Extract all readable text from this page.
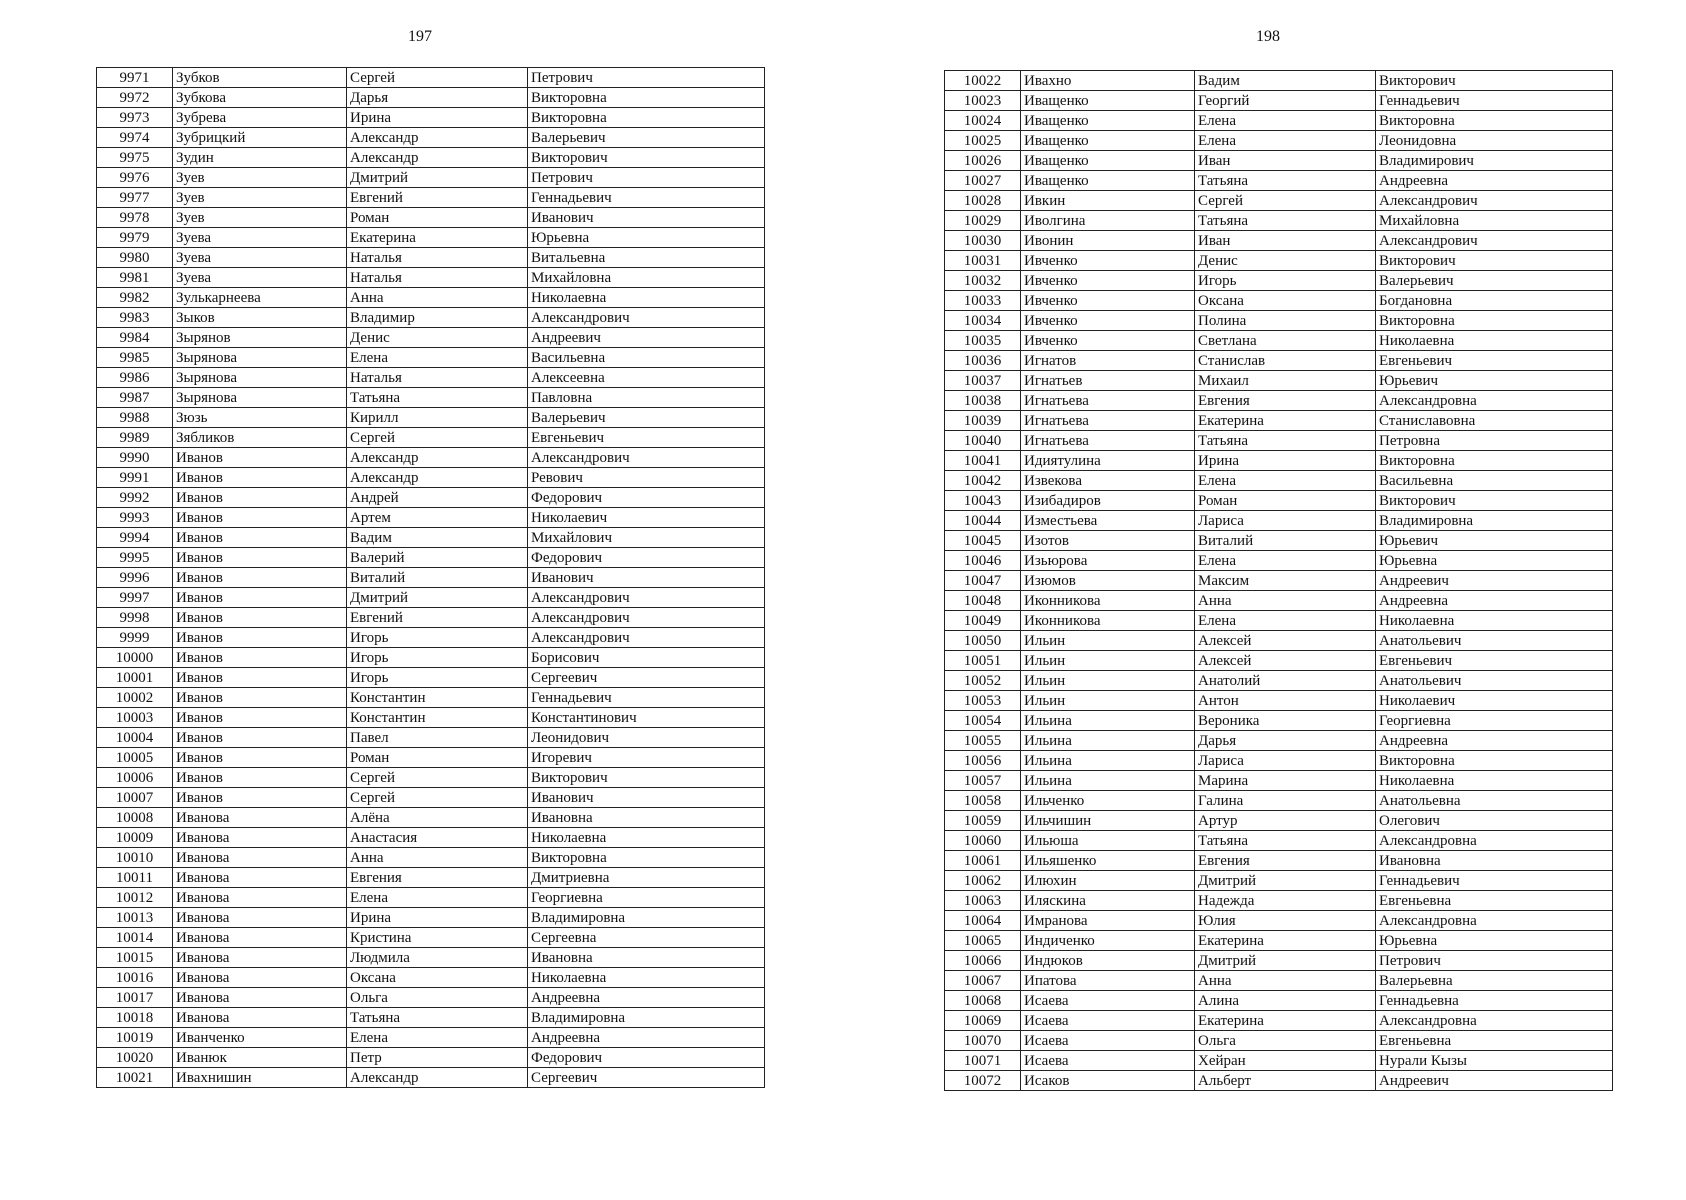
197	198
9971	Зубков	Сергей	Петрович
9972	Зубкова	Дарья	Викторовна
9973	Зубрева	Ирина	Викторовна
9974	Зубрицкий	Александр	Валерьевич
9975	Зудин	Александр	Викторович
9976	Зуев	Дмитрий	Петрович
9977	Зуев	Евгений	Геннадьевич
9978	Зуев	Роман	Иванович
9979	Зуева	Екатерина	Юрьевна
9980	Зуева	Наталья	Витальевна
9981	Зуева	Наталья	Михайловна
9982	Зулькарнеева	Анна	Николаевна
9983	Зыков	Владимир	Александрович
9984	Зырянов	Денис	Андреевич
9985	Зырянова	Елена	Васильевна
9986	Зырянова	Наталья	Алексеевна
9987	Зырянова	Татьяна	Павловна
9988	Зюзь	Кирилл	Валерьевич
9989	Зябликов	Сергей	Евгеньевич
9990	Иванов	Александр	Александрович
9991	Иванов	Александр	Ревович
9992	Иванов	Андрей	Федорович
9993	Иванов	Артем	Николаевич
9994	Иванов	Вадим	Михайлович
9995	Иванов	Валерий	Федорович
9996	Иванов	Виталий	Иванович
9997	Иванов	Дмитрий	Александрович
9998	Иванов	Евгений	Александрович
9999	Иванов	Игорь	Александрович
10000	Иванов	Игорь	Борисович
10001	Иванов	Игорь	Сергеевич
10002	Иванов	Константин	Геннадьевич
10003	Иванов	Константин	Константинович
10004	Иванов	Павел	Леонидович
10005	Иванов	Роман	Игоревич
10006	Иванов	Сергей	Викторович
10007	Иванов	Сергей	Иванович
10008	Иванова	Алёна	Ивановна
10009	Иванова	Анастасия	Николаевна
10010	Иванова	Анна	Викторовна
10011	Иванова	Евгения	Дмитриевна
10012	Иванова	Елена	Георгиевна
10013	Иванова	Ирина	Владимировна
10014	Иванова	Кристина	Сергеевна
10015	Иванова	Людмила	Ивановна
10016	Иванова	Оксана	Николаевна
10017	Иванова	Ольга	Андреевна
10018	Иванова	Татьяна	Владимировна
10019	Иванченко	Елена	Андреевна
10020	Иванюк	Петр	Федорович
10021	Ивахнишин	Александр	Сергеевич
10022	Ивахно	Вадим	Викторович
10023	Иващенко	Георгий	Геннадьевич
10024	Иващенко	Елена	Викторовна
10025	Иващенко	Елена	Леонидовна
10026	Иващенко	Иван	Владимирович
10027	Иващенко	Татьяна	Андреевна
10028	Ивкин	Сергей	Александрович
10029	Иволгина	Татьяна	Михайловна
10030	Ивонин	Иван	Александрович
10031	Ивченко	Денис	Викторович
10032	Ивченко	Игорь	Валерьевич
10033	Ивченко	Оксана	Богдановна
10034	Ивченко	Полина	Викторовна
10035	Ивченко	Светлана	Николаевна
10036	Игнатов	Станислав	Евгеньевич
10037	Игнатьев	Михаил	Юрьевич
10038	Игнатьева	Евгения	Александровна
10039	Игнатьева	Екатерина	Станиславовна
10040	Игнатьева	Татьяна	Петровна
10041	Идиятулина	Ирина	Викторовна
10042	Извекова	Елена	Васильевна
10043	Изибадиров	Роман	Викторович
10044	Изместьева	Лариса	Владимировна
10045	Изотов	Виталий	Юрьевич
10046	Изьюрова	Елена	Юрьевна
10047	Изюмов	Максим	Андреевич
10048	Иконникова	Анна	Андреевна
10049	Иконникова	Елена	Николаевна
10050	Ильин	Алексей	Анатольевич
10051	Ильин	Алексей	Евгеньевич
10052	Ильин	Анатолий	Анатольевич
10053	Ильин	Антон	Николаевич
10054	Ильина	Вероника	Георгиевна
10055	Ильина	Дарья	Андреевна
10056	Ильина	Лариса	Викторовна
10057	Ильина	Марина	Николаевна
10058	Ильченко	Галина	Анатольевна
10059	Ильчишин	Артур	Олегович
10060	Ильюша	Татьяна	Александровна
10061	Ильяшенко	Евгения	Ивановна
10062	Илюхин	Дмитрий	Геннадьевич
10063	Иляскина	Надежда	Евгеньевна
10064	Имранова	Юлия	Александровна
10065	Индиченко	Екатерина	Юрьевна
10066	Индюков	Дмитрий	Петрович
10067	Ипатова	Анна	Валерьевна
10068	Исаева	Алина	Геннадьевна
10069	Исаева	Екатерина	Александровна
10070	Исаева	Ольга	Евгеньевна
10071	Исаева	Хейран	Нурали Кызы
10072	Исаков	Альберт	Андреевич
